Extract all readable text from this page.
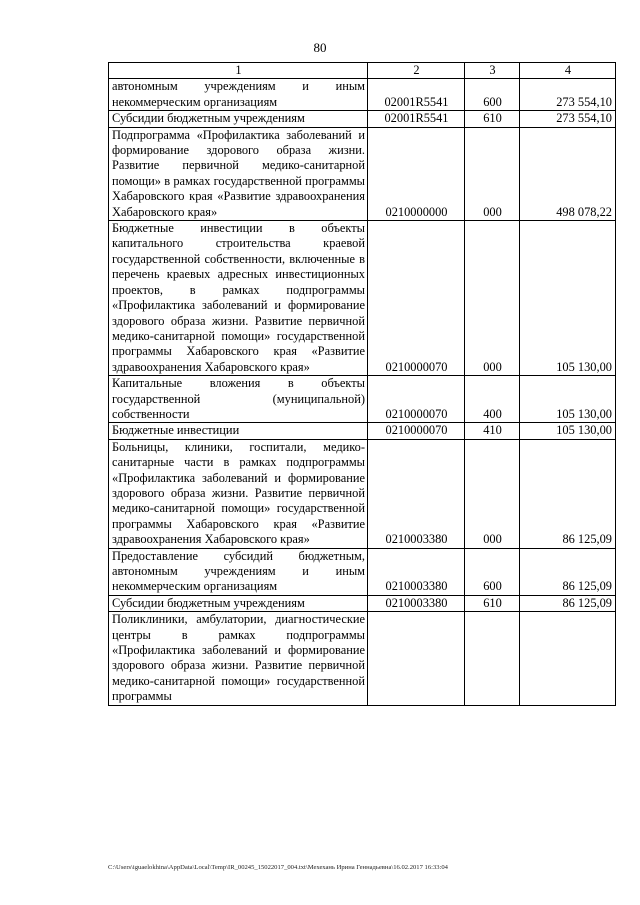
80
1	2	3	4
автономным учреждениям и иным некоммерческим организациям	02001R5541	600	273 554,10
Субсидии бюджетным учреждениям	02001R5541	610	273 554,10
Подпрограмма «Профилактика заболеваний и формирование здорового образа жизни. Развитие первичной медико-санитарной помощи» в рамках государственной программы Хабаровского края «Развитие здравоохранения Хабаровского края»	0210000000	000	498 078,22
Бюджетные инвестиции в объекты капитального строительства краевой государственной собственности, включенные в перечень краевых адресных инвестиционных проектов, в рамках подпрограммы «Профилактика заболеваний и формирование здорового образа жизни. Развитие первичной медико-санитарной помощи» государственной программы Хабаровского края «Развитие здравоохранения Хабаровского края»	0210000070	000	105 130,00
Капитальные вложения в объекты государственной (муниципальной) собственности	0210000070	400	105 130,00
Бюджетные инвестиции	0210000070	410	105 130,00
Больницы, клиники, госпитали, медико-санитарные части в рамках подпрограммы «Профилактика заболеваний и формирование здорового образа жизни. Развитие первичной медико-санитарной помощи» государственной программы Хабаровского края «Развитие здравоохранения Хабаровского края»	0210003380	000	86 125,09
Предоставление субсидий бюджетным, автономным учреждениям и иным некоммерческим организациям	0210003380	600	86 125,09
Субсидии бюджетным учреждениям	0210003380	610	86 125,09
Поликлиники, амбулатории, диагностические центры в рамках подпрограммы «Профилактика заболеваний и формирование здорового образа жизни. Развитие первичной медико-санитарной помощи» государственной программы			
C:\Users\iguaelokhina\AppData\Local\Temp\IR_00245_15022017_004.txt\Мехехань Ирина Геннадьевна\16.02.2017 16:33:04
